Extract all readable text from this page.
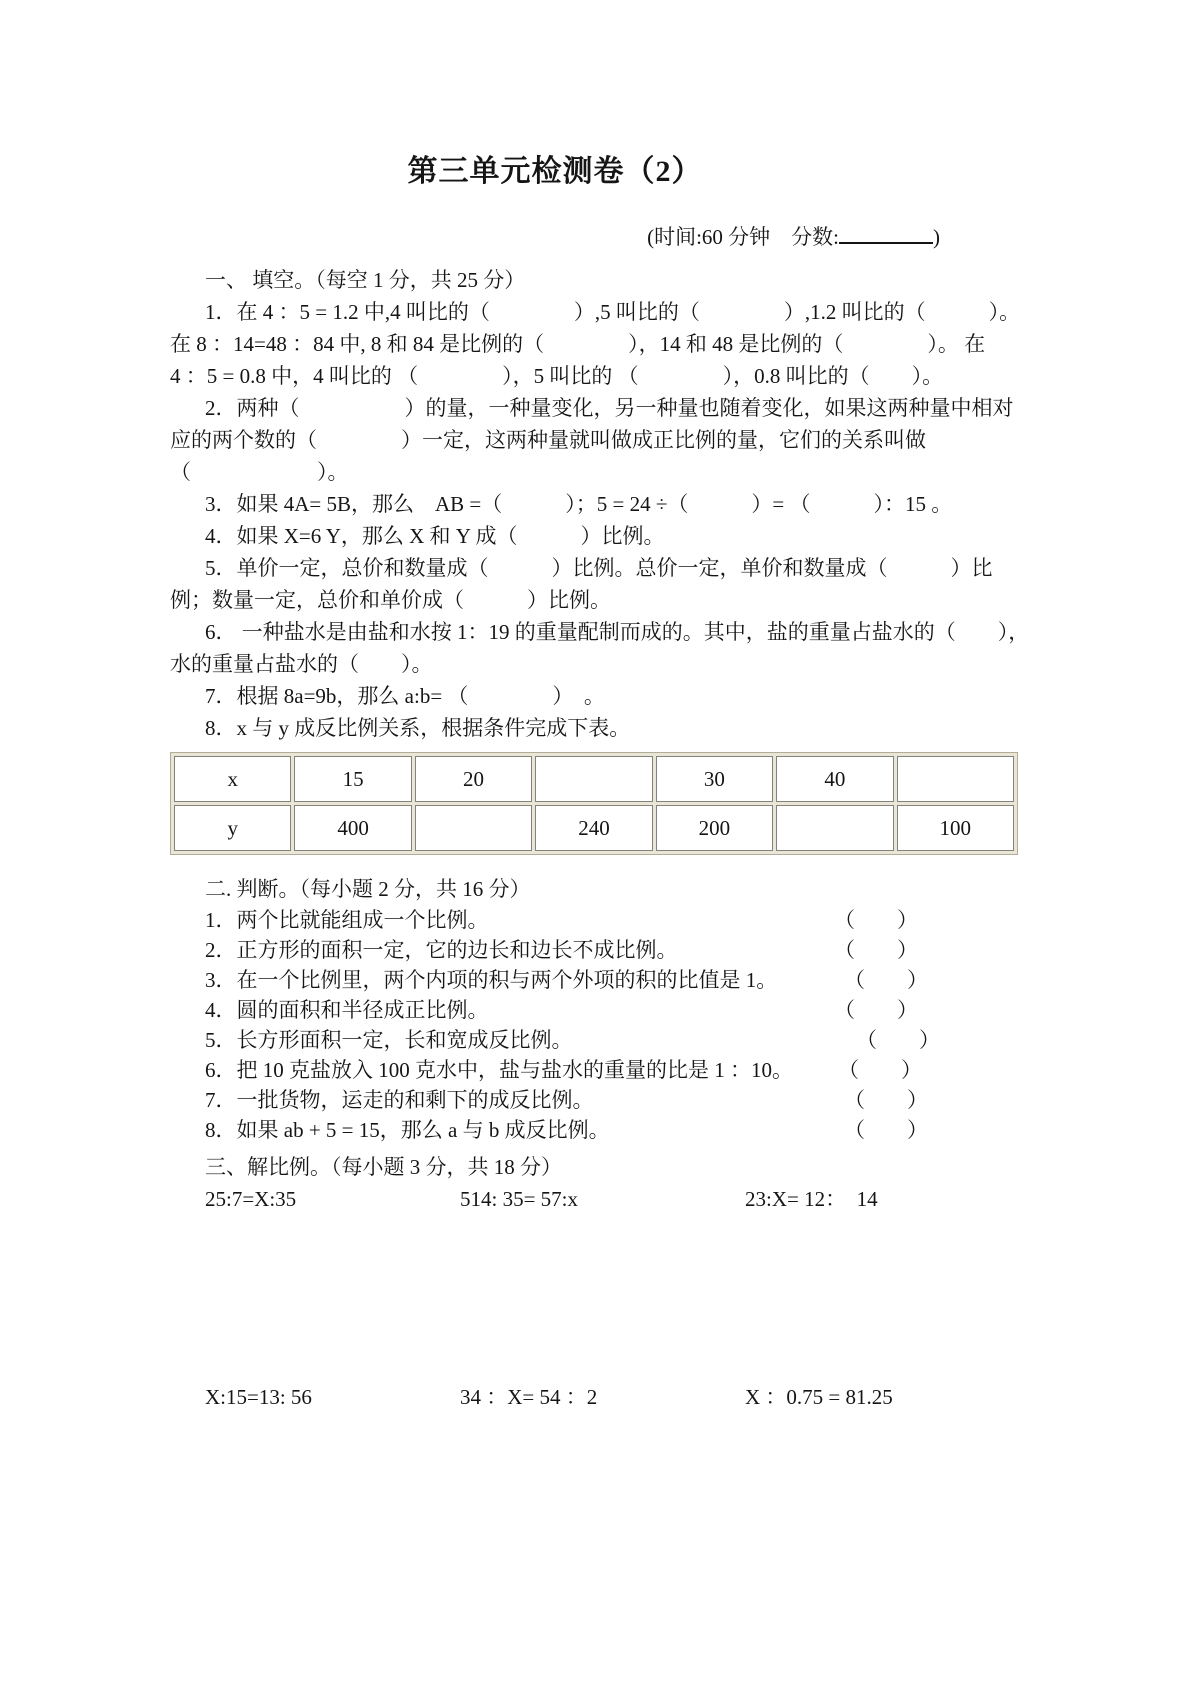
第三单元检测卷（2）
(时间:60 分钟　分数:	)
一、 填空。（每空 1 分，共 25 分）
1．在 4 ：5 = 1.2 中,4 叫比的（　　　　）,5 叫比的（　　　　）,1.2 叫比的（　　　）。
在 8 ：14=48 ：84 中, 8 和 84 是比例的（　　　　），14 和 48 是比例的（　　　　）。 在
4 ：5 = 0.8 中，4 叫比的 （　　　　），5 叫比的 （　　　　），0.8 叫比的（　　）。
2．两种（　　　　　）的量，一种量变化，另一种量也随着变化，如果这两种量中相对
应的两个数的（　　　　）一定，这两种量就叫做成正比例的量，它们的关系叫做
（　　　　　　）。
3．如果 4A= 5B，那么　AB =（　　　）；5 = 24 ÷（　　　）= （　　　）：15 。
4．如果 X=6 Y，那么 X 和 Y 成（　　　）比例。
5．单价一定，总价和数量成（　　　）比例。总价一定，单价和数量成（　　　）比
例；数量一定，总价和单价成（　　　）比例。
6． 一种盐水是由盐和水按 1：19 的重量配制而成的。其中，盐的重量占盐水的（　　），
水的重量占盐水的（　　）。
7．根据 8a=9b，那么 a:b= （　　　　）　。
8．x 与 y 成反比例关系，根据条件完成下表。
x	15	20		30	40	
y	400		240	200		100
二. 判断。（每小题 2 分，共 16 分）
1．两个比就能组成一个比例。	（　　）
2．正方形的面积一定，它的边长和边长不成比例。	（　　）
3．在一个比例里，两个内项的积与两个外项的积的比值是 1。	（　　）
4．圆的面积和半径成正比例。	（　　）
5．长方形面积一定，长和宽成反比例。	（　　）
6．把 10 克盐放入 100 克水中，盐与盐水的重量的比是 1 ：10。 （　　）
7．一批货物，运走的和剩下的成反比例。	（　　）
8．如果 ab + 5 = 15，那么 a 与 b 成反比例。	（　　）
三、解比例。（每小题 3 分，共 18 分）
25:7=X:35	514: 35= 57:x	23:X= 12：  14
X:15=13: 56	34 ：X= 54 ：2	X ：0.75 = 81.25
